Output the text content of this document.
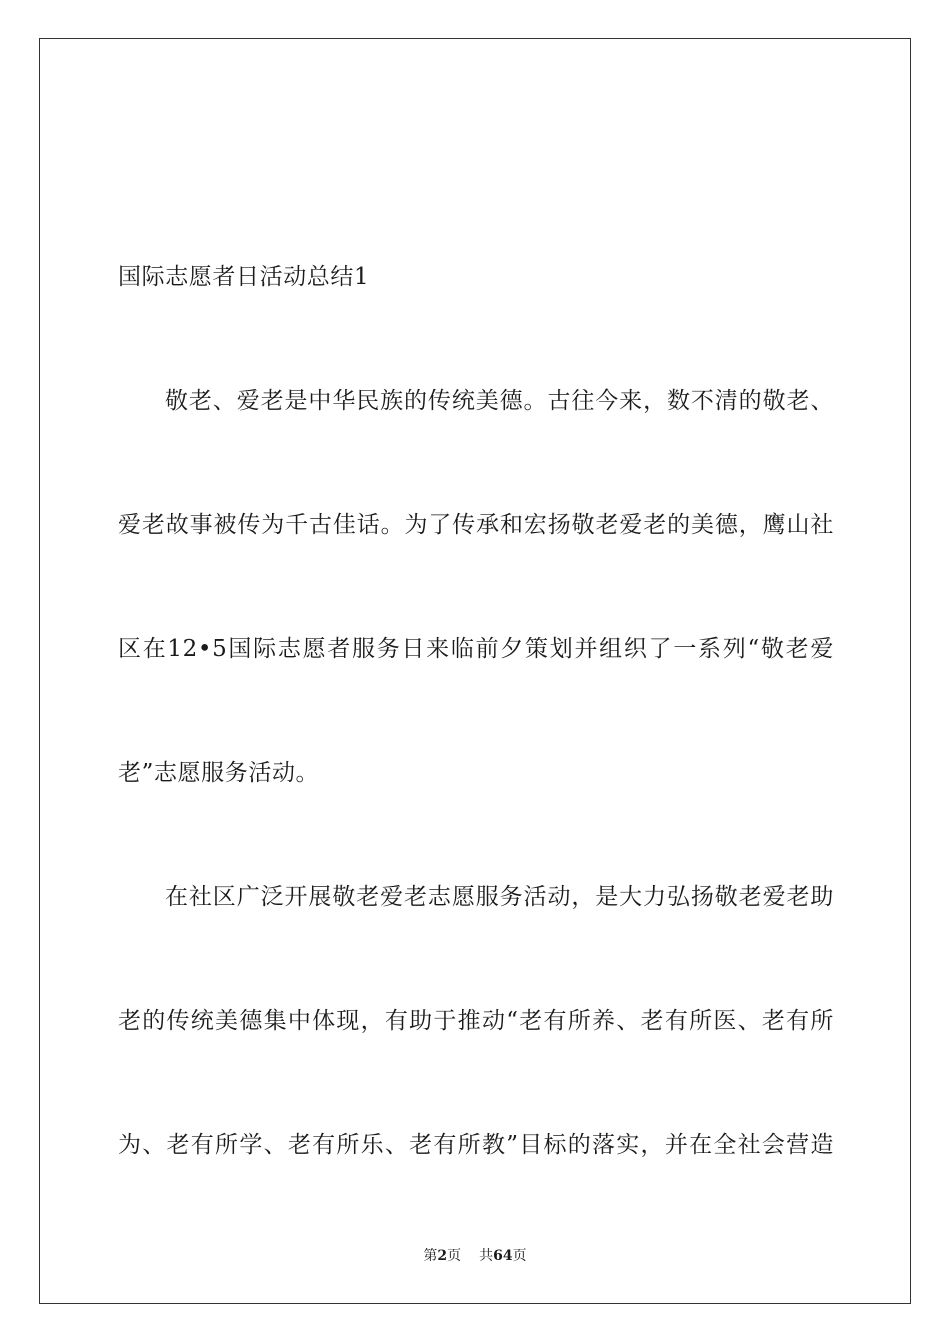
国际志愿者日活动总结1
敬老、爱老是中华民族的传统美德。古往今来，数不清的敬老、
爱老故事被传为千古佳话。为了传承和宏扬敬老爱老的美德，鹰山社
区在12•5国际志愿者服务日来临前夕策划并组织了一系列“敬老爱
老”志愿服务活动。
在社区广泛开展敬老爱老志愿服务活动，是大力弘扬敬老爱老助
老的传统美德集中体现，有助于推动“老有所养、老有所医、老有所
为、老有所学、老有所乐、老有所教”目标的落实，并在全社会营造
第2页 共64页
